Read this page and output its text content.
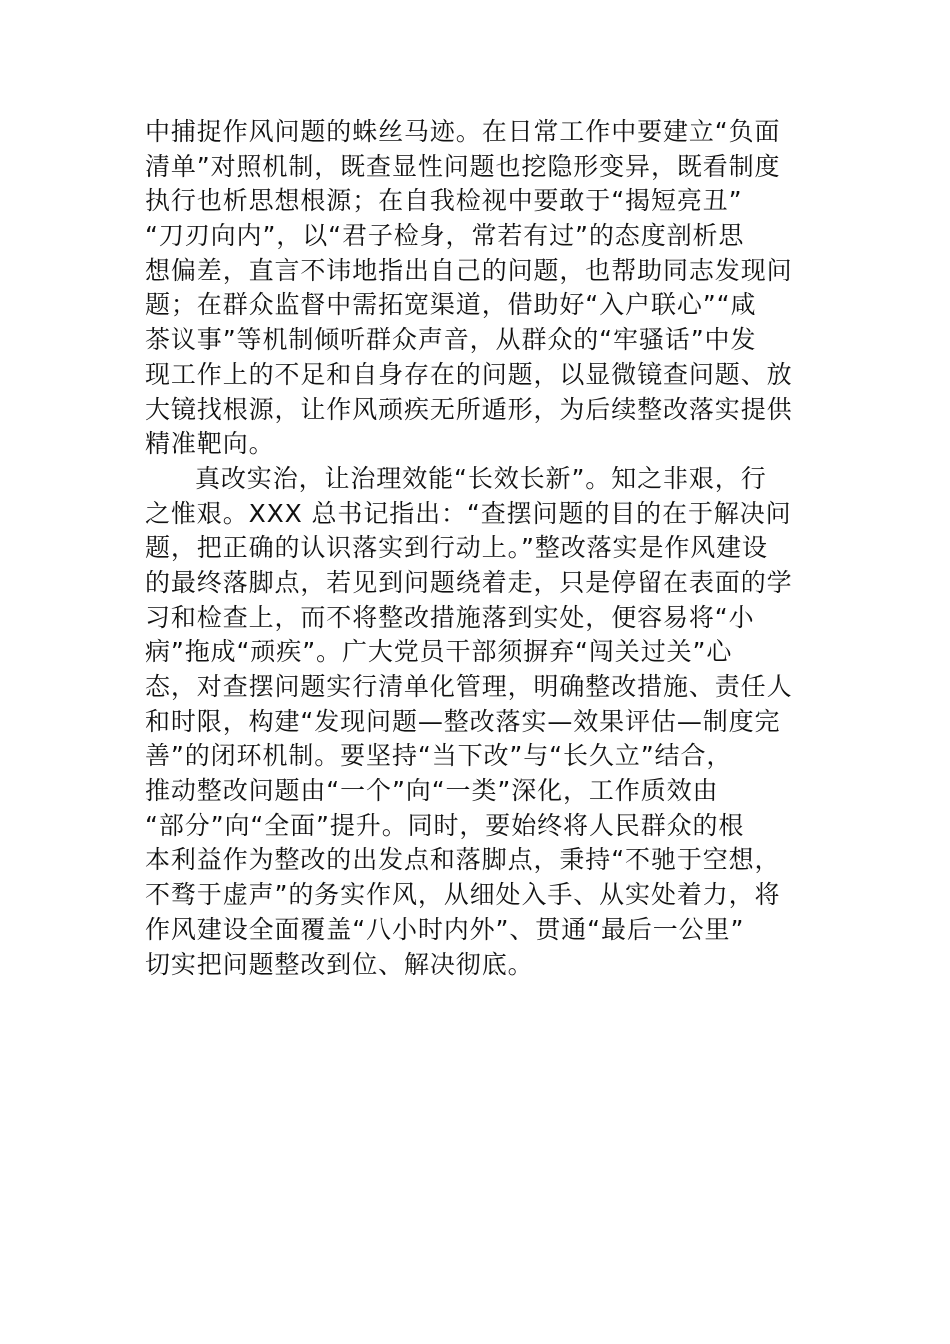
中捕捉作风问题的蛛丝马迹。在日常工作中要建立“负面
清单”对照机制，既查显性问题也挖隐形变异，既看制度
执行也析思想根源；在自我检视中要敢于“揭短亮丑”
“刀刃向内”，以“君子检身，常若有过”的态度剖析思
想偏差，直言不讳地指出自己的问题，也帮助同志发现问
题；在群众监督中需拓宽渠道，借助好“入户联心”“咸
茶议事”等机制倾听群众声音，从群众的“牢骚话”中发
现工作上的不足和自身存在的问题，以显微镜查问题、放
大镜找根源，让作风顽疾无所遁形，为后续整改落实提供
精准靶向。
真改实治，让治理效能“长效长新”。知之非艰，行
之惟艰。XXX 总书记指出：“查摆问题的目的在于解决问
题，把正确的认识落实到行动上。”整改落实是作风建设
的最终落脚点，若见到问题绕着走，只是停留在表面的学
习和检查上，而不将整改措施落到实处，便容易将“小
病”拖成“顽疾”。广大党员干部须摒弃“闯关过关”心
态，对查摆问题实行清单化管理，明确整改措施、责任人
和时限，构建“发现问题—整改落实—效果评估—制度完
善”的闭环机制。要坚持“当下改”与“长久立”结合，
推动整改问题由“一个”向“一类”深化，工作质效由
“部分”向“全面”提升。同时，要始终将人民群众的根
本利益作为整改的出发点和落脚点，秉持“不驰于空想，
不骛于虚声”的务实作风，从细处入手、从实处着力，将
作风建设全面覆盖“八小时内外”、贯通“最后一公里”
切实把问题整改到位、解决彻底。
